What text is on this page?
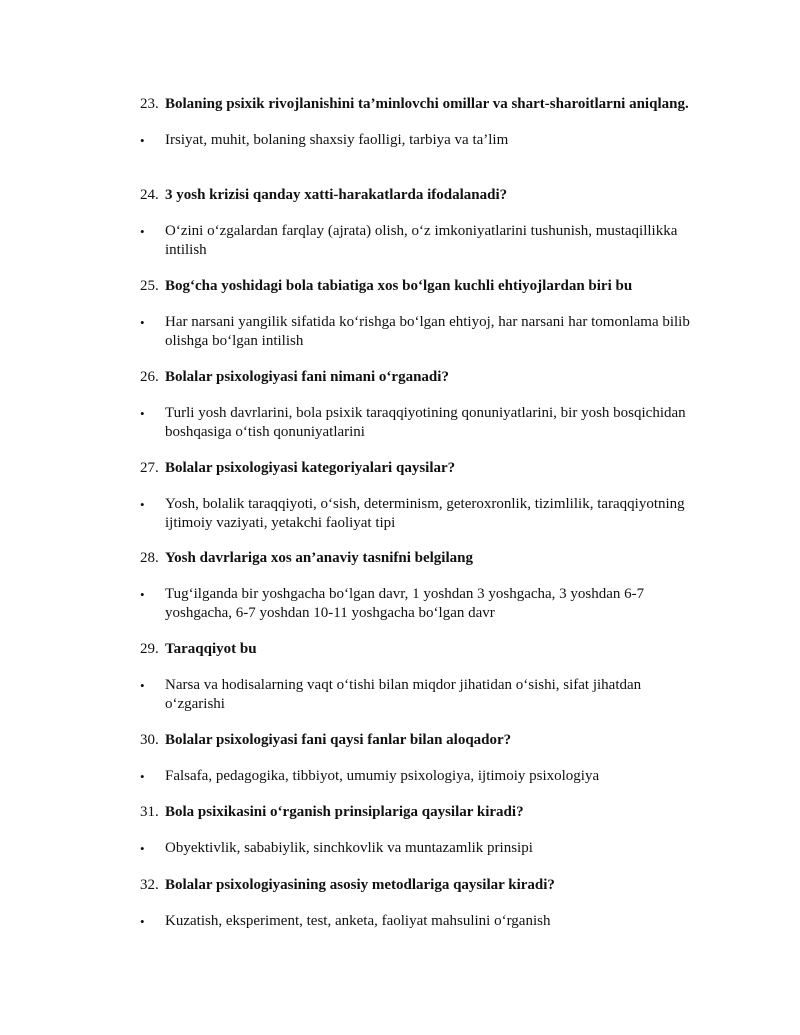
23. Bolaning psixik rivojlanishini ta’minlovchi omillar va shart-sharoitlarni aniqlang.
•	Irsiyat, muhit, bolaning shaxsiy faolligi, tarbiya va ta’lim
24. 3 yosh krizisi qanday xatti-harakatlarda ifodalanadi?
•	O‘zini o‘zgalardan farqlay (ajrata) olish, o‘z imkoniyatlarini tushunish, mustaqillikka intilish
25. Bog‘cha yoshidagi bola tabiatiga xos bo‘lgan kuchli ehtiyojlardan biri bu
•	Har narsani yangilik sifatida ko‘rishga bo‘lgan ehtiyoj, har narsani har tomonlama bilib olishga bo‘lgan intilish
26. Bolalar psixologiyasi fani nimani o‘rganadi?
•	Turli yosh davrlarini, bola psixik taraqqiyotining qonuniyatlarini, bir yosh bosqichidan boshqasiga o‘tish qonuniyatlarini
27. Bolalar psixologiyasi kategoriyalari qaysilar?
•	Yosh, bolalik taraqqiyoti, o‘sish, determinism, geteroxronlik, tizimlilik, taraqqiyotning ijtimoiy vaziyati, yetakchi faoliyat tipi
28. Yosh davrlariga xos an’anaviy tasnifni belgilang
•	Tug‘ilganda bir yoshgacha bo‘lgan davr, 1 yoshdan 3 yoshgacha, 3 yoshdan 6-7 yoshgacha, 6-7 yoshdan 10-11 yoshgacha bo‘lgan davr
29. Taraqqiyot bu
•	Narsa va hodisalarning vaqt o‘tishi bilan miqdor jihatidan o‘sishi, sifat jihatdan o‘zgarishi
30. Bolalar psixologiyasi fani qaysi fanlar bilan aloqador?
•	Falsafa, pedagogika, tibbiyot, umumiy psixologiya, ijtimoiy psixologiya
31. Bola psixikasini o‘rganish prinsiplariga qaysilar kiradi?
•	Obyektivlik, sababiylik, sinchkovlik va muntazamlik prinsipi
32. Bolalar psixologiyasining asosiy metodlariga qaysilar kiradi?
•	Kuzatish, eksperiment, test, anketa, faoliyat mahsulini o‘rganish
